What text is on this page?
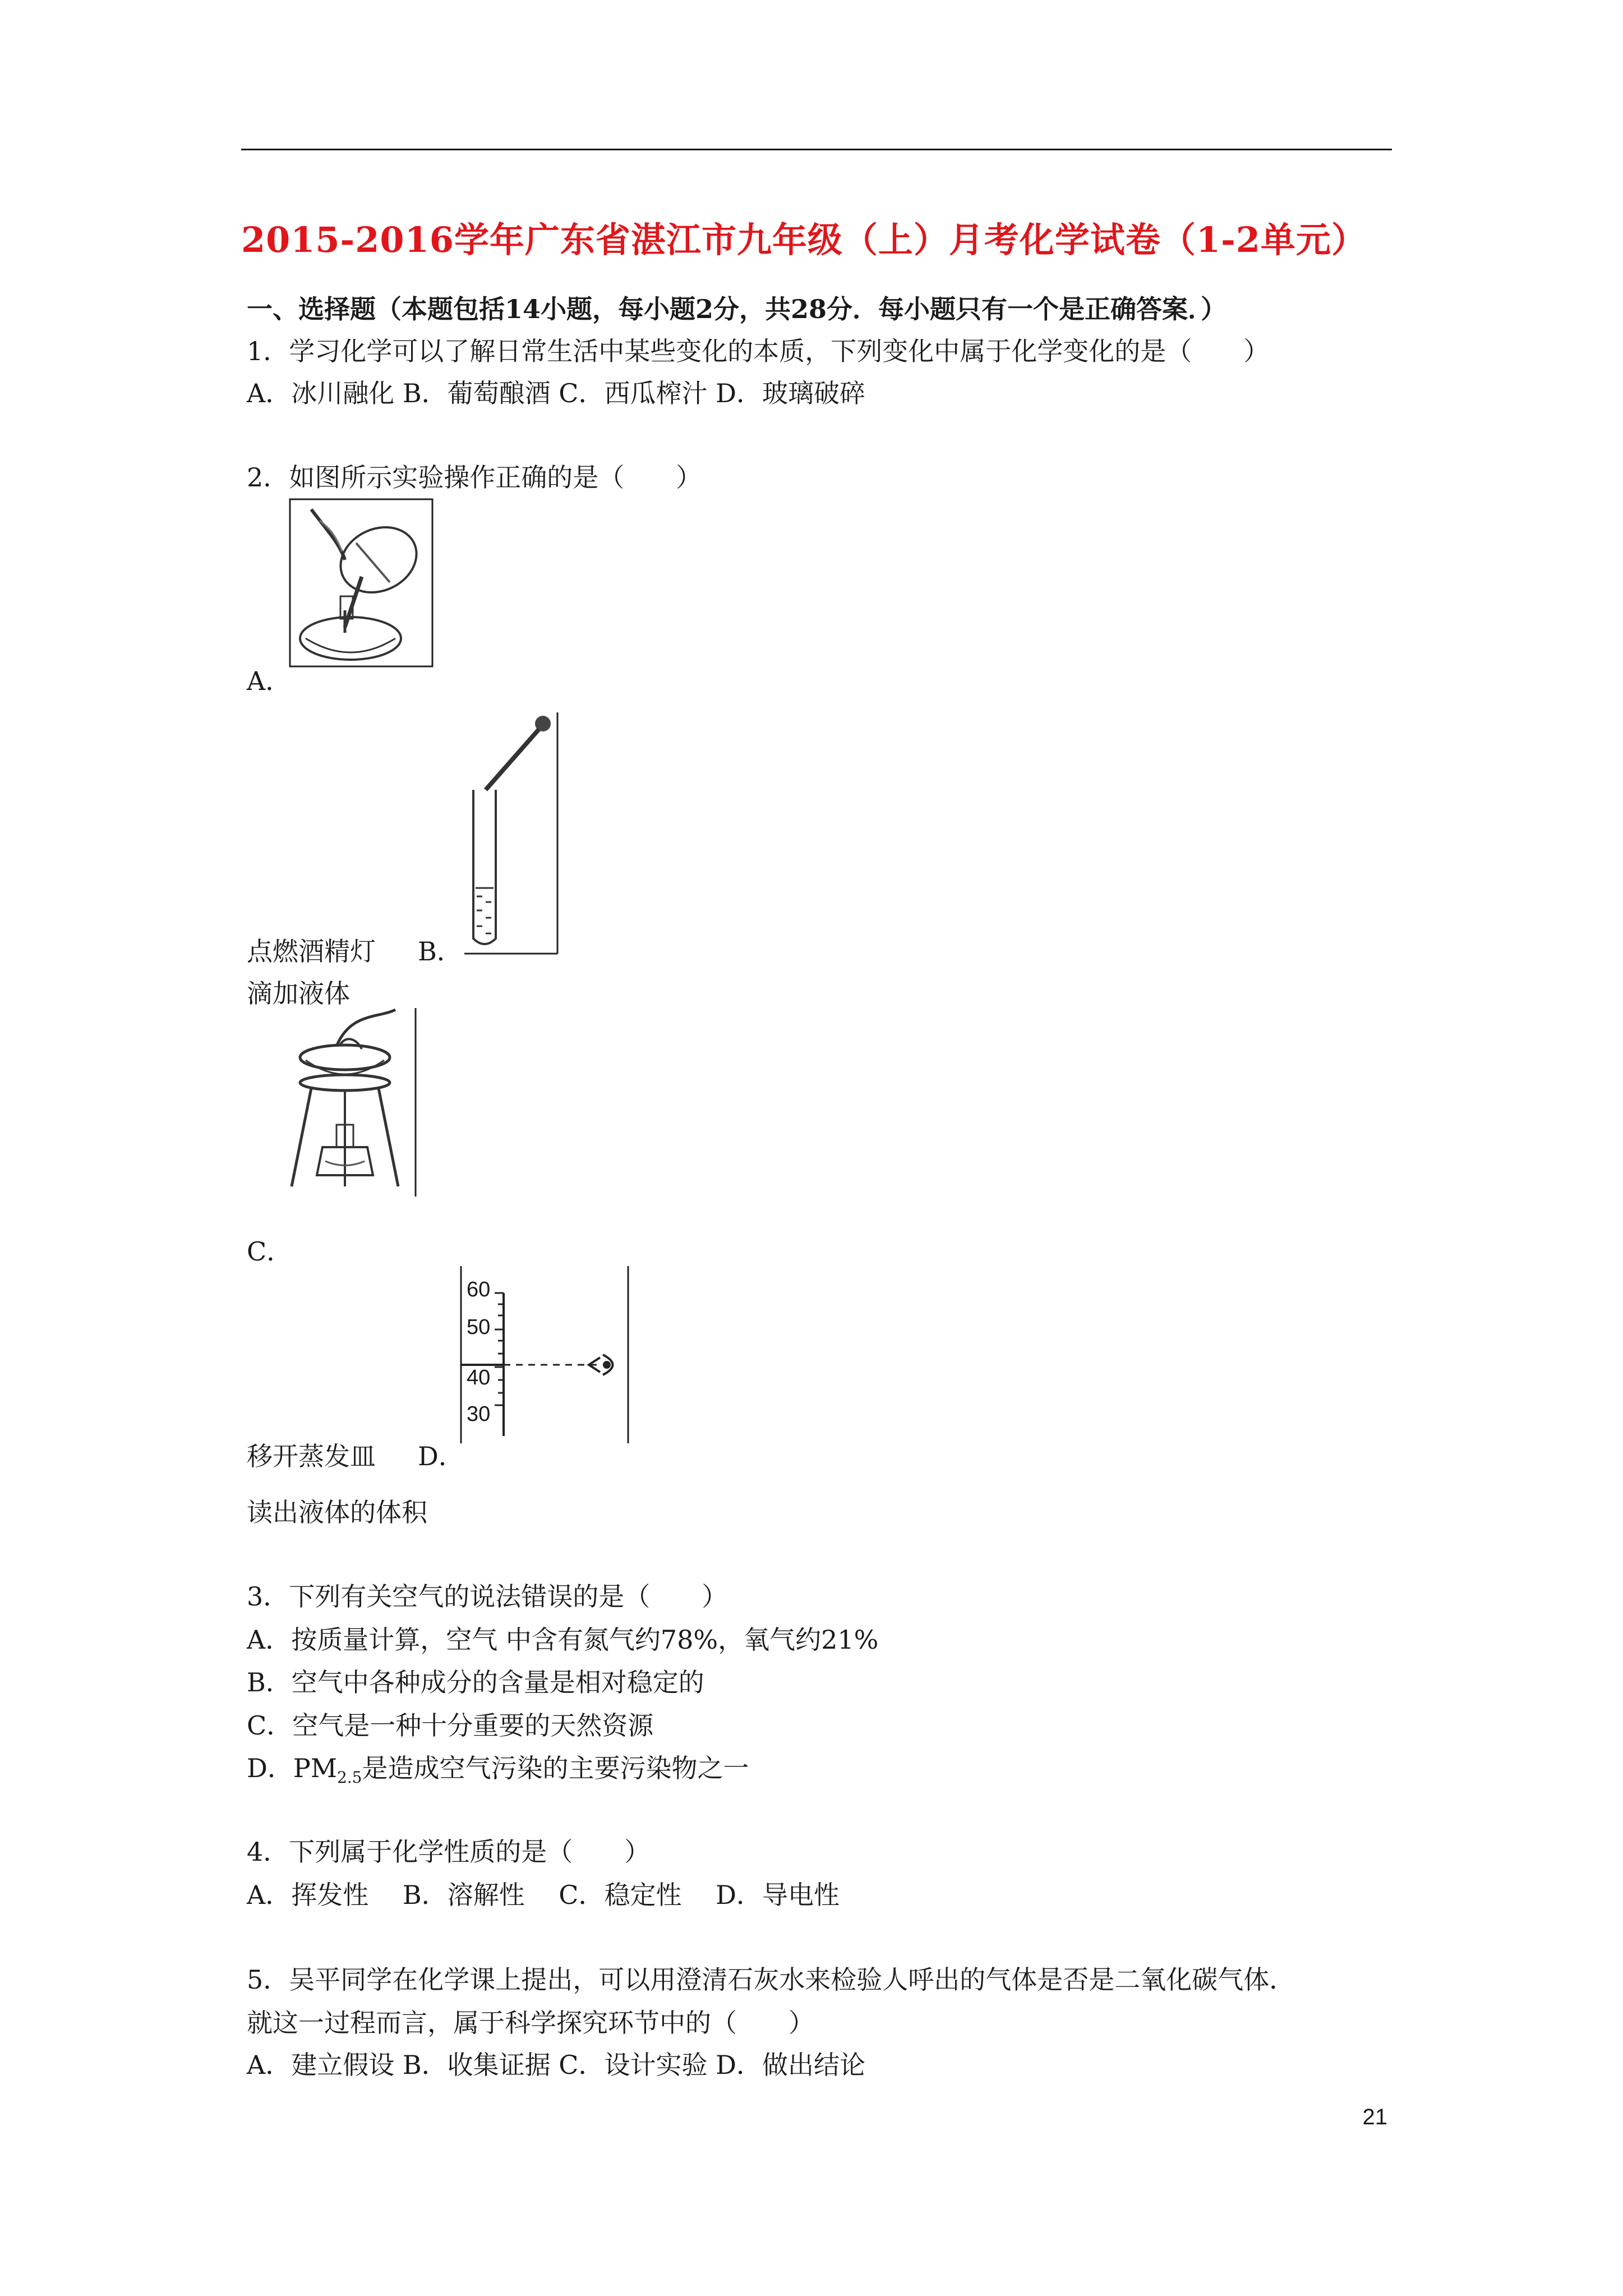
2015-2016学年广东省湛江市九年级（上）月考化学试卷（1-2单元）
一、选择题（本题包括14小题，每小题2分，共28分．每小题只有一个是正确答案．）
1．学习化学可以了解日常生活中某些变化的本质，下列变化中属于化学变化的是（　　）
A．冰川融化 B．葡萄酿酒 C．西瓜榨汁 D．玻璃破碎
2．如图所示实验操作正确的是（　　）
A．
点燃酒精灯 B．
滴加液体
C．
移开蒸发皿
60
50
40
30
D．
读出液体的体积
3．下列有关空气的说法错误的是（　　）
A．按质量计算，空气 中含有氮气约78%，氧气约21%
B．空气中各种成分的含量是相对稳定的
C．空气是一种十分重要的天然资源
D．$PM_{2.5}$是造成空气污染的主要污染物之一
4．下列属于化学性质的是（　　）
A．挥发性　 B．溶解性　 C．稳定性　 D．导电性
5．吴平同学在化学课上提出，可以用澄清石灰水来检验人呼出的气体是否是二氧化碳气体．
就这一过程而言，属于科学探究环节中的（　　）
A．建立假设 B．收集证据 C．设计实验 D．做出结论
21
